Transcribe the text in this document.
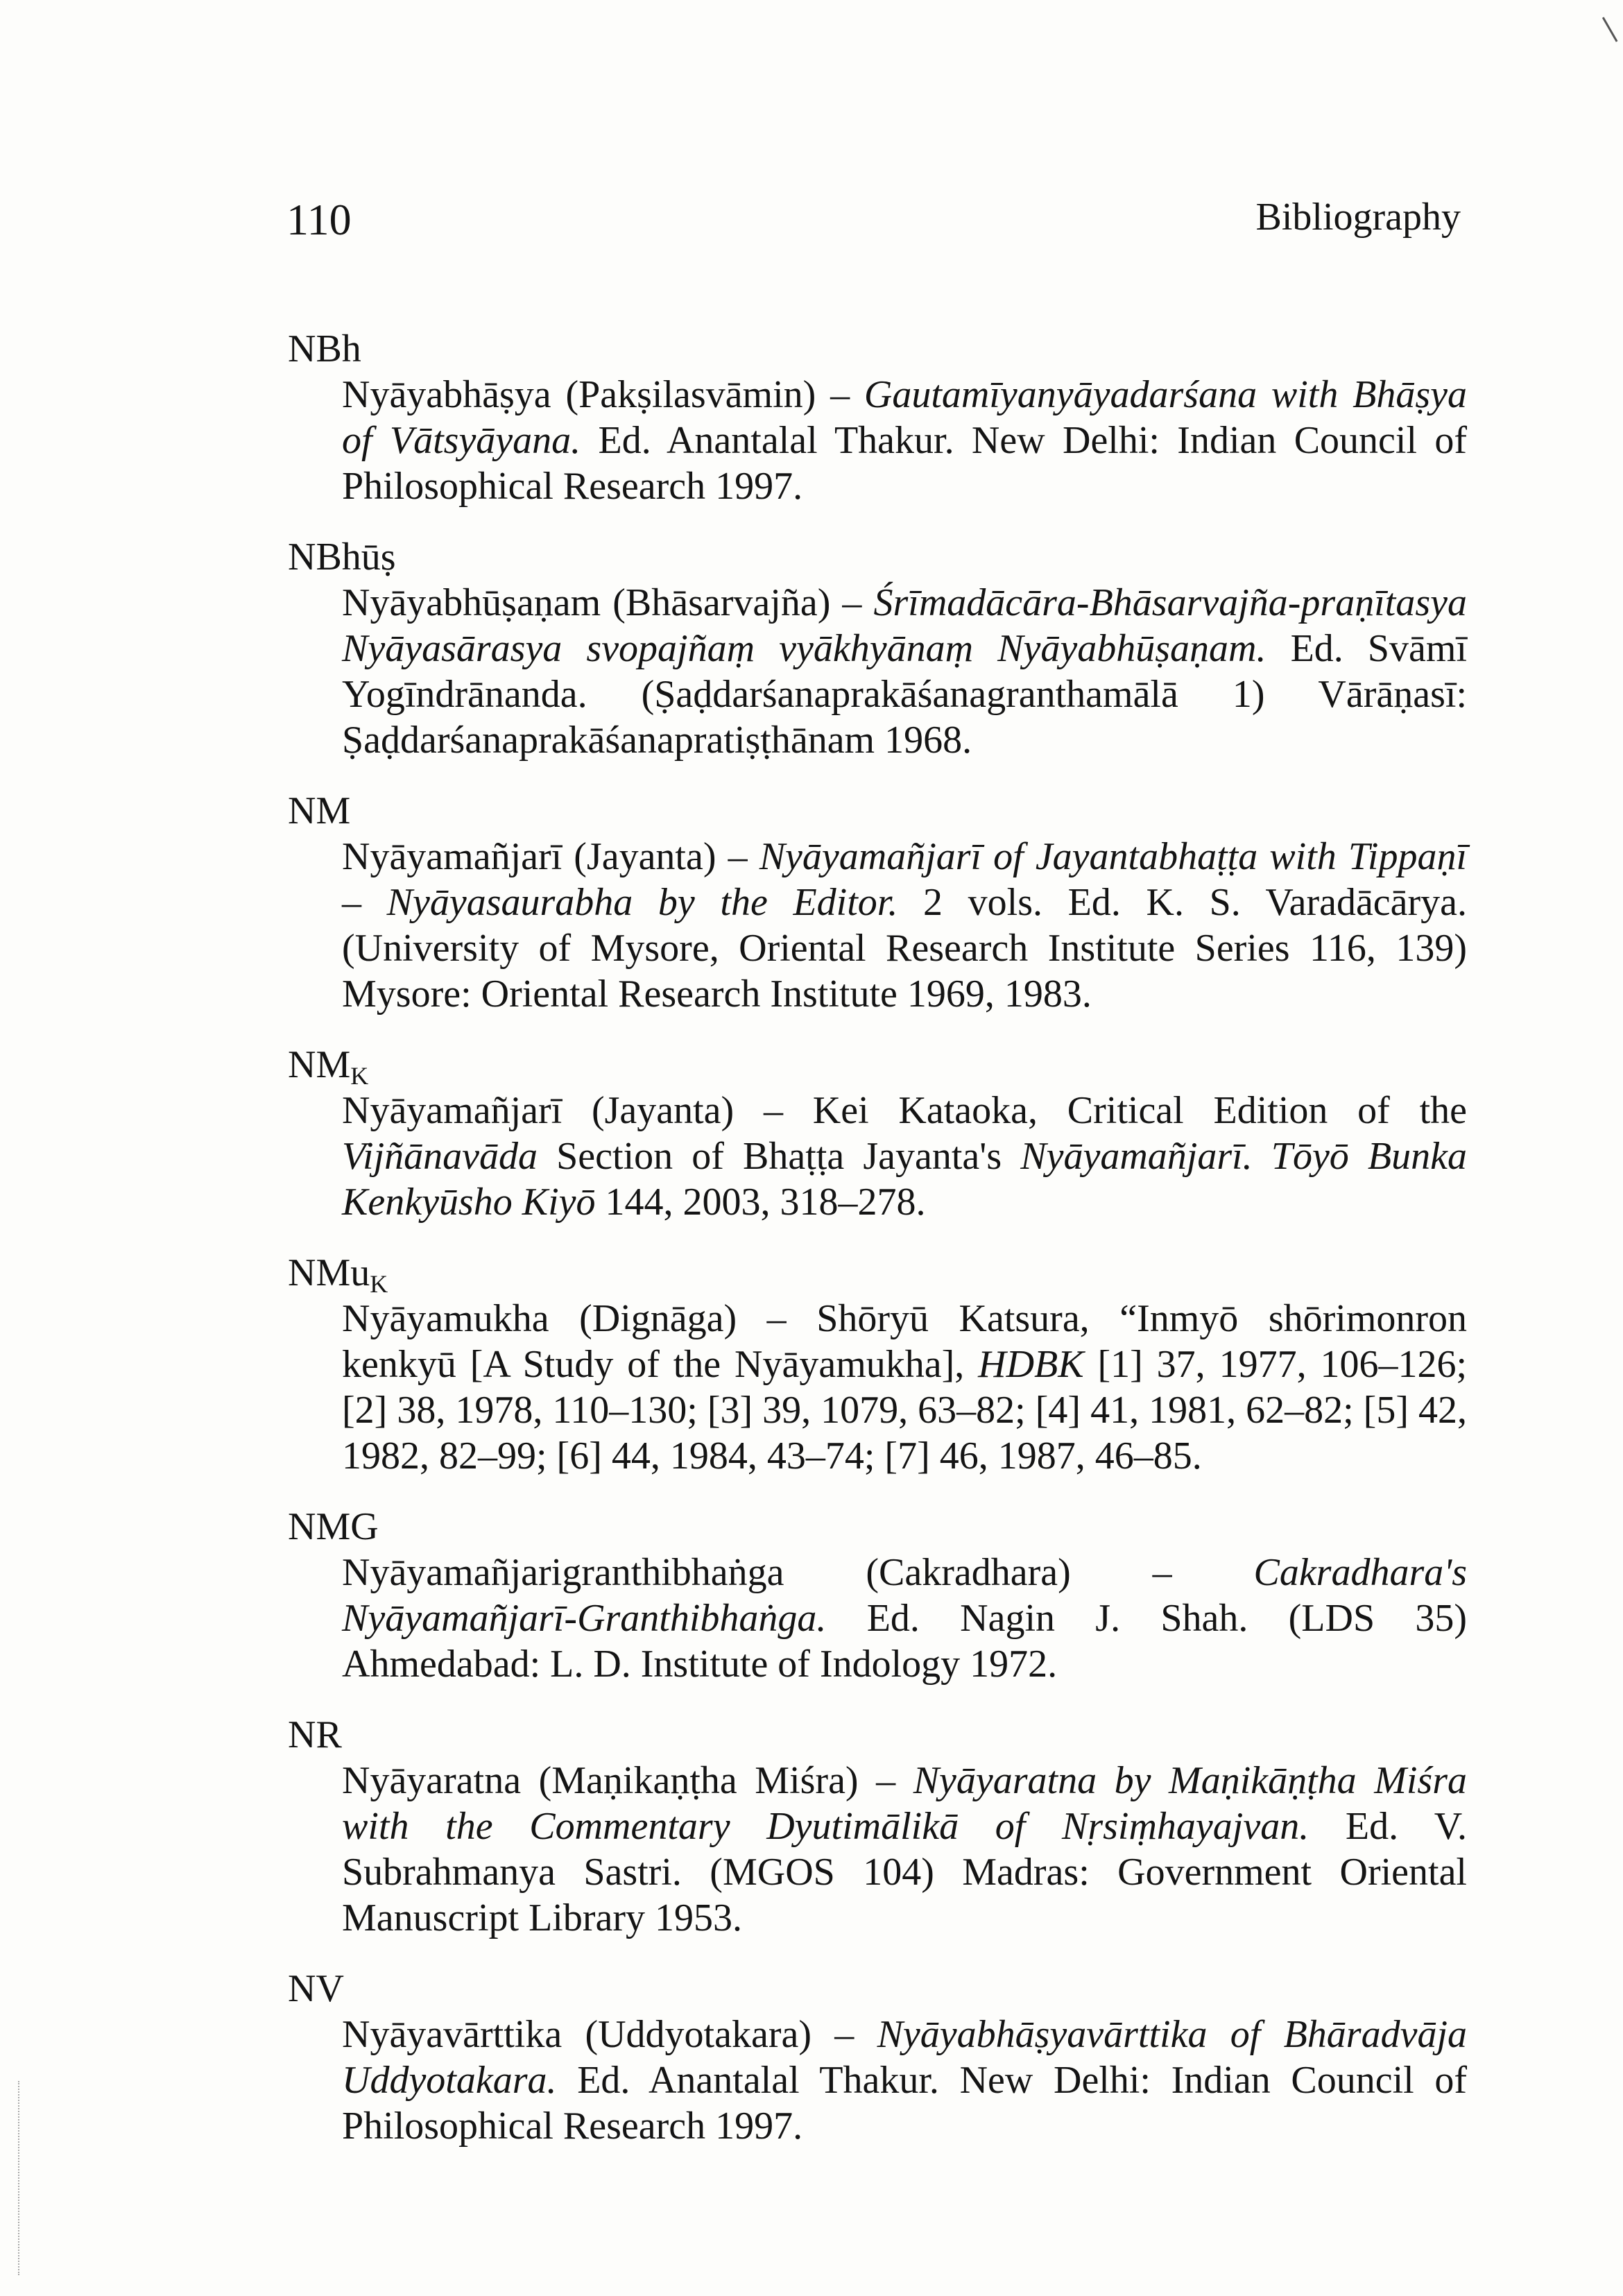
110	Bibliography
NBh
Nyāyabhāṣya (Pakṣilasvāmin) – Gautamīyanyāyadarśana with Bhāṣya of Vātsyāyana. Ed. Anantalal Thakur. New Delhi: Indian Council of Philosophical Research 1997.
NBhūṣ
Nyāyabhūṣaṇam (Bhāsarvajña) – Śrīmadācāra-Bhāsarvajña-praṇītasya Nyāyasārasya svopajñaṃ vyākhyānaṃ Nyāyabhūṣaṇam. Ed. Svāmī Yogīndrānanda. (Ṣaḍdarśanaprakāśanagranthamālā 1) Vārāṇasī: Ṣaḍdarśanaprakāśanapratiṣṭhānam 1968.
NM
Nyāyamañjarī (Jayanta) – Nyāyamañjarī of Jayantabhaṭṭa with Tippaṇī – Nyāyasaurabha by the Editor. 2 vols. Ed. K. S. Varadācārya. (University of Mysore, Oriental Research Institute Series 116, 139) Mysore: Oriental Research Institute 1969, 1983.
$NM_K$
Nyāyamañjarī (Jayanta) – Kei Kataoka, Critical Edition of the Vijñānavāda Section of Bhaṭṭa Jayanta's Nyāyamañjarī. Tōyō Bunka Kenkyūsho Kiyō 144, 2003, 318–278.
NMu$_K$
Nyāyamukha (Dignāga) – Shōryū Katsura, “Inmyō shōrimonron kenkyū [A Study of the Nyāyamukha], HDBK [1] 37, 1977, 106–126; [2] 38, 1978, 110–130; [3] 39, 1079, 63–82; [4] 41, 1981, 62–82; [5] 42, 1982, 82–99; [6] 44, 1984, 43–74; [7] 46, 1987, 46–85.
NMG
Nyāyamañjarigranthibhaṅga (Cakradhara) – Cakradhara's Nyāyamañjarī-Granthibhaṅga. Ed. Nagin J. Shah. (LDS 35) Ahmedabad: L. D. Institute of Indology 1972.
NR
Nyāyaratna (Maṇikaṇṭha Miśra) – Nyāyaratna by Maṇikāṇṭha Miśra with the Commentary Dyutimālikā of Nṛsiṃhayajvan. Ed. V. Subrahmanya Sastri. (MGOS 104) Madras: Government Oriental Manuscript Library 1953.
NV
Nyāyavārttika (Uddyotakara) – Nyāyabhāṣyavārttika of Bhāradvāja Uddyotakara. Ed. Anantalal Thakur. New Delhi: Indian Council of Philosophical Research 1997.
